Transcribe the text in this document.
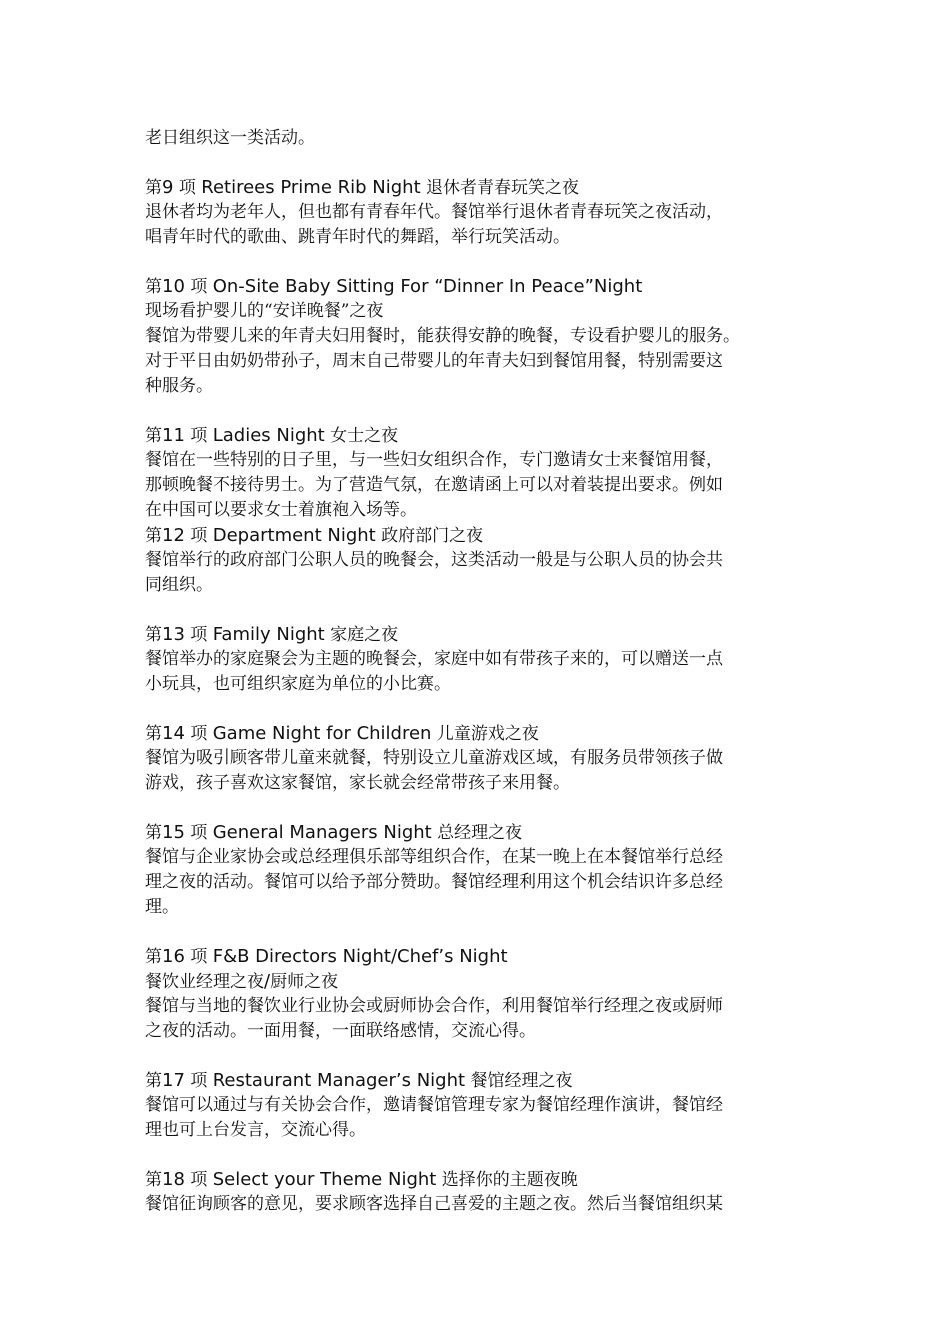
老日组织这一类活动。
第9 项 Retirees Prime Rib Night 退休者青春玩笑之夜
退休者均为老年人，但也都有青春年代。餐馆举行退休者青春玩笑之夜活动，
唱青年时代的歌曲、跳青年时代的舞蹈，举行玩笑活动。
第10 项 On-Site Baby Sitting For “Dinner In Peace”Night
现场看护婴儿的“安详晚餐”之夜
餐馆为带婴儿来的年青夫妇用餐时，能获得安静的晚餐，专设看护婴儿的服务。
对于平日由奶奶带孙子，周末自己带婴儿的年青夫妇到餐馆用餐，特别需要这
种服务。
第11 项 Ladies Night 女士之夜
餐馆在一些特别的日子里，与一些妇女组织合作，专门邀请女士来餐馆用餐，
那顿晚餐不接待男士。为了营造气氛，在邀请函上可以对着装提出要求。例如
在中国可以要求女士着旗袍入场等。
第12 项 Department Night 政府部门之夜
餐馆举行的政府部门公职人员的晚餐会，这类活动一般是与公职人员的协会共
同组织。
第13 项 Family Night 家庭之夜
餐馆举办的家庭聚会为主题的晚餐会，家庭中如有带孩子来的，可以赠送一点
小玩具，也可组织家庭为单位的小比赛。
第14 项 Game Night for Children 儿童游戏之夜
餐馆为吸引顾客带儿童来就餐，特别设立儿童游戏区域，有服务员带领孩子做
游戏，孩子喜欢这家餐馆，家长就会经常带孩子来用餐。
第15 项 General Managers Night 总经理之夜
餐馆与企业家协会或总经理俱乐部等组织合作，在某一晚上在本餐馆举行总经
理之夜的活动。餐馆可以给予部分赞助。餐馆经理利用这个机会结识许多总经
理。
第16 项 F&B Directors Night/Chef’s Night
餐饮业经理之夜/厨师之夜
餐馆与当地的餐饮业行业协会或厨师协会合作，利用餐馆举行经理之夜或厨师
之夜的活动。一面用餐，一面联络感情，交流心得。
第17 项 Restaurant Manager’s Night 餐馆经理之夜
餐馆可以通过与有关协会合作，邀请餐馆管理专家为餐馆经理作演讲，餐馆经
理也可上台发言，交流心得。
第18 项 Select your Theme Night 选择你的主题夜晚
餐馆征询顾客的意见，要求顾客选择自己喜爱的主题之夜。然后当餐馆组织某
